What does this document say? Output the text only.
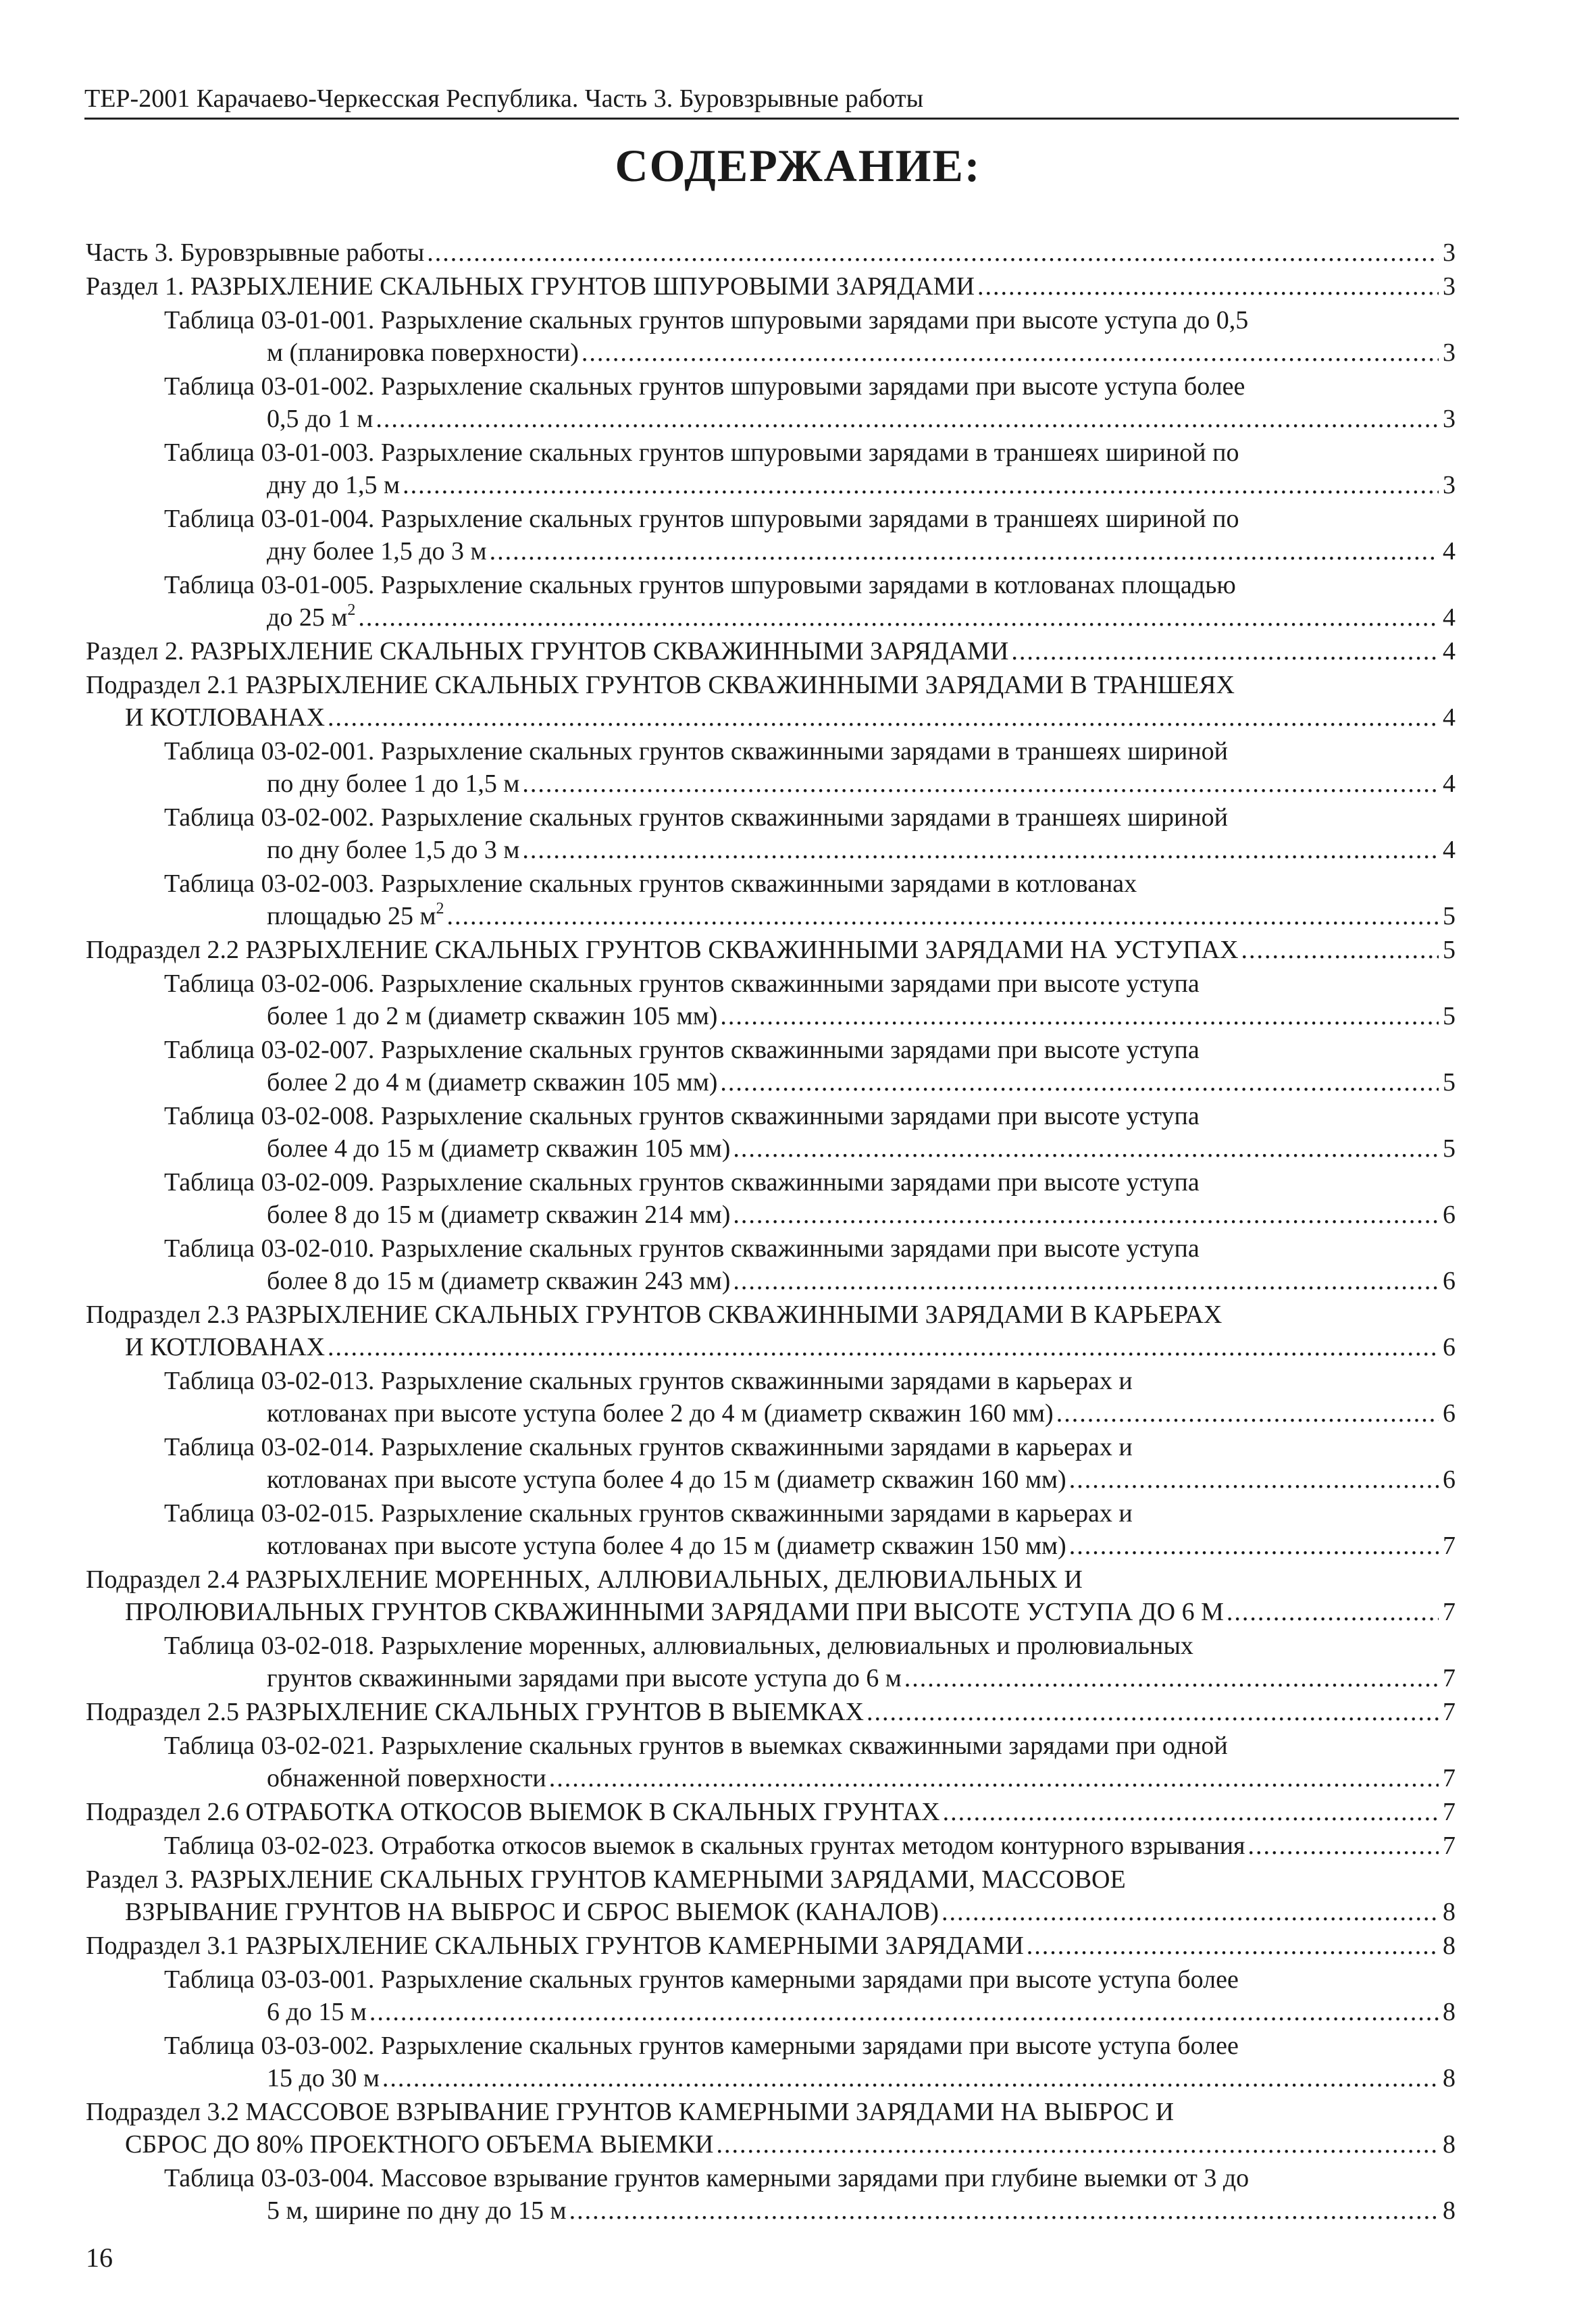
ТЕР-2001 Карачаево-Черкесская Республика. Часть 3. Буровзрывные работы
СОДЕРЖАНИЕ:
Часть 3. Буровзрывные работы .....	3
Раздел 1. РАЗРЫХЛЕНИЕ СКАЛЬНЫХ ГРУНТОВ ШПУРОВЫМИ ЗАРЯДАМИ .....	3
Таблица 03-01-001. Разрыхление скальных грунтов шпуровыми зарядами при высоте уступа до 0,5
м (планировка поверхности) .....	3
Таблица 03-01-002. Разрыхление скальных грунтов шпуровыми зарядами при высоте уступа более
0,5 до 1 м .....	3
Таблица 03-01-003. Разрыхление скальных грунтов шпуровыми зарядами в траншеях шириной по
дну до 1,5 м .....	3
Таблица 03-01-004. Разрыхление скальных грунтов шпуровыми зарядами в траншеях шириной по
дну более 1,5 до 3 м .....	4
Таблица 03-01-005. Разрыхление скальных грунтов шпуровыми зарядами в котлованах площадью
до 25 $м^2$ .....	4
Раздел 2. РАЗРЫХЛЕНИЕ СКАЛЬНЫХ ГРУНТОВ СКВАЖИННЫМИ ЗАРЯДАМИ .....	4
Подраздел 2.1 РАЗРЫХЛЕНИЕ СКАЛЬНЫХ ГРУНТОВ СКВАЖИННЫМИ ЗАРЯДАМИ В ТРАНШЕЯХ
И КОТЛОВАНАХ .....	4
Таблица 03-02-001. Разрыхление скальных грунтов скважинными зарядами в траншеях шириной
по дну более 1 до 1,5 м .....	4
Таблица 03-02-002. Разрыхление скальных грунтов скважинными зарядами в траншеях шириной
по дну более 1,5 до 3 м .....	4
Таблица 03-02-003. Разрыхление скальных грунтов скважинными зарядами в котлованах
площадью 25 $м^2$ .....	5
Подраздел 2.2 РАЗРЫХЛЕНИЕ СКАЛЬНЫХ ГРУНТОВ СКВАЖИННЫМИ ЗАРЯДАМИ НА УСТУПАХ .....	5
Таблица 03-02-006. Разрыхление скальных грунтов скважинными зарядами при высоте уступа
более 1 до 2 м (диаметр скважин 105 мм) .....	5
Таблица 03-02-007. Разрыхление скальных грунтов скважинными зарядами при высоте уступа
более 2 до 4 м (диаметр скважин 105 мм) .....	5
Таблица 03-02-008. Разрыхление скальных грунтов скважинными зарядами при высоте уступа
более 4 до 15 м (диаметр скважин 105 мм) .....	5
Таблица 03-02-009. Разрыхление скальных грунтов скважинными зарядами при высоте уступа
более 8 до 15 м (диаметр скважин 214 мм) .....	6
Таблица 03-02-010. Разрыхление скальных грунтов скважинными зарядами при высоте уступа
более 8 до 15 м (диаметр скважин 243 мм) .....	6
Подраздел 2.3 РАЗРЫХЛЕНИЕ СКАЛЬНЫХ ГРУНТОВ СКВАЖИННЫМИ ЗАРЯДАМИ В КАРЬЕРАХ
И КОТЛОВАНАХ .....	6
Таблица 03-02-013. Разрыхление скальных грунтов скважинными зарядами в карьерах и
котлованах при высоте уступа более 2 до 4 м (диаметр скважин 160 мм) .....	6
Таблица 03-02-014. Разрыхление скальных грунтов скважинными зарядами в карьерах и
котлованах при высоте уступа более 4 до 15 м (диаметр скважин 160 мм) .....	6
Таблица 03-02-015. Разрыхление скальных грунтов скважинными зарядами в карьерах и
котлованах при высоте уступа более 4 до 15 м (диаметр скважин 150 мм) .....	7
Подраздел 2.4 РАЗРЫХЛЕНИЕ МОРЕННЫХ, АЛЛЮВИАЛЬНЫХ, ДЕЛЮВИАЛЬНЫХ И
ПРОЛЮВИАЛЬНЫХ ГРУНТОВ СКВАЖИННЫМИ ЗАРЯДАМИ ПРИ ВЫСОТЕ УСТУПА ДО 6 М .....	7
Таблица 03-02-018. Разрыхление моренных, аллювиальных, делювиальных и пролювиальных
грунтов скважинными зарядами при высоте уступа до 6 м .....	7
Подраздел 2.5 РАЗРЫХЛЕНИЕ СКАЛЬНЫХ ГРУНТОВ В ВЫЕМКАХ .....	7
Таблица 03-02-021. Разрыхление скальных грунтов в выемках скважинными зарядами при одной
обнаженной поверхности .....	7
Подраздел 2.6 ОТРАБОТКА ОТКОСОВ ВЫЕМОК В СКАЛЬНЫХ ГРУНТАХ .....	7
Таблица 03-02-023. Отработка откосов выемок в скальных грунтах методом контурного взрывания .....	7
Раздел 3. РАЗРЫХЛЕНИЕ СКАЛЬНЫХ ГРУНТОВ КАМЕРНЫМИ ЗАРЯДАМИ, МАССОВОЕ
ВЗРЫВАНИЕ ГРУНТОВ НА ВЫБРОС И СБРОС ВЫЕМОК (КАНАЛОВ) .....	8
Подраздел 3.1 РАЗРЫХЛЕНИЕ СКАЛЬНЫХ ГРУНТОВ КАМЕРНЫМИ ЗАРЯДАМИ .....	8
Таблица 03-03-001. Разрыхление скальных грунтов камерными зарядами при высоте уступа более
6 до 15 м .....	8
Таблица 03-03-002. Разрыхление скальных грунтов камерными зарядами при высоте уступа более
15 до 30 м .....	8
Подраздел 3.2 МАССОВОЕ ВЗРЫВАНИЕ ГРУНТОВ КАМЕРНЫМИ ЗАРЯДАМИ НА ВЫБРОС И
СБРОС ДО 80% ПРОЕКТНОГО ОБЪЕМА ВЫЕМКИ .....	8
Таблица 03-03-004. Массовое взрывание грунтов камерными зарядами при глубине выемки от 3 до
5 м, ширине по дну до 15 м .....	8
16
